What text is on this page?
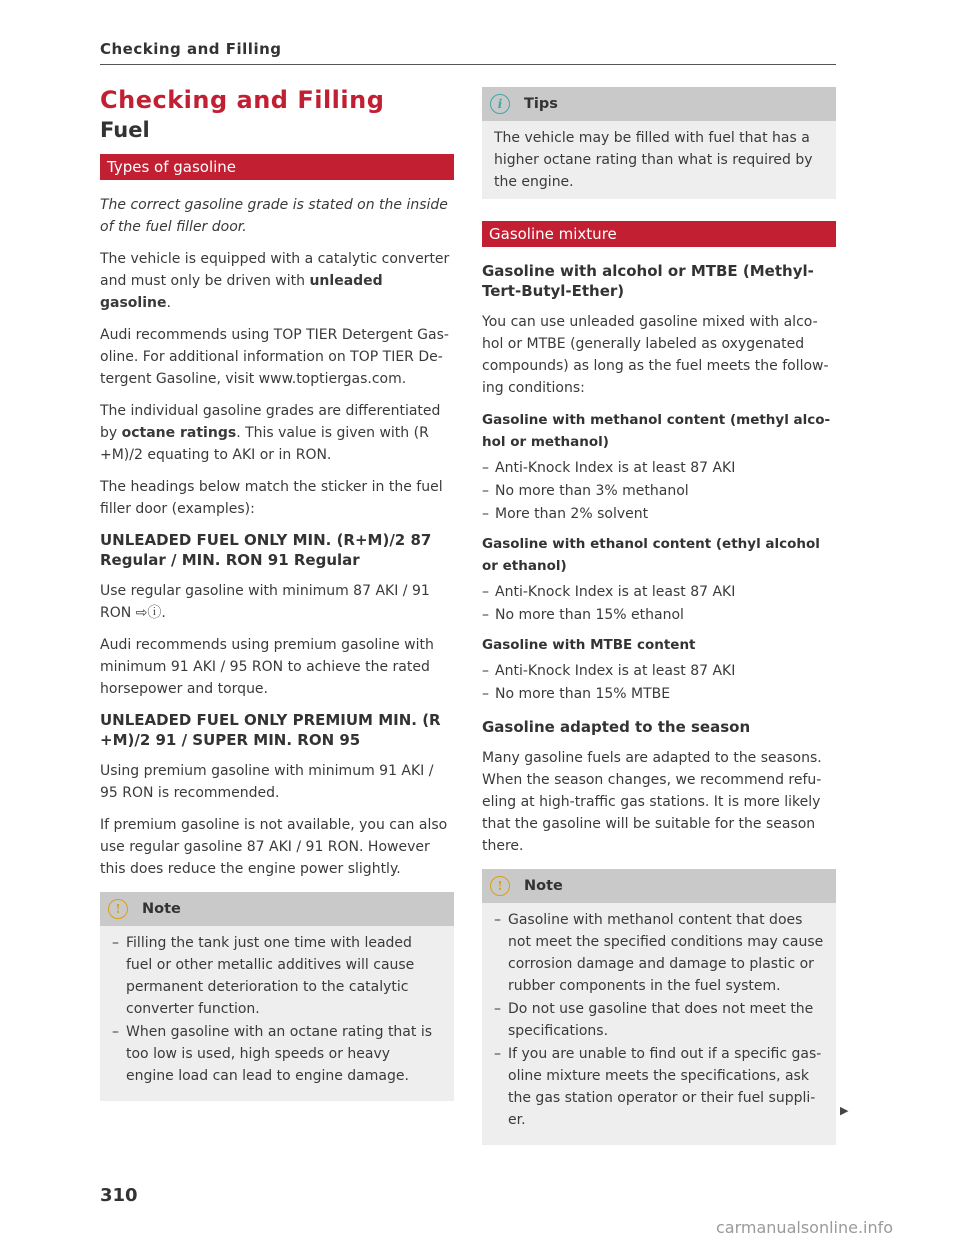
Checking and Filling
Checking and Filling
Fuel
Types of gasoline

The correct gasoline grade is stated on the inside of the fuel filler door.

The vehicle is equipped with a catalytic converter and must only be driven with unleaded gasoline.

Audi recommends using TOP TIER Detergent Gas-oline. For additional information on TOP TIER De-tergent Gasoline, visit www.toptiergas.com.

The individual gasoline grades are differentiated by octane ratings. This value is given with (R +M)/2 equating to AKI or in RON.

The headings below match the sticker in the fuel filler door (examples):

UNLEADED FUEL ONLY MIN. (R+M)/2 87 Regular / MIN. RON 91 Regular

Use regular gasoline with minimum 87 AKI / 91 RON ⇨ⓘ.

Audi recommends using premium gasoline with minimum 91 AKI / 95 RON to achieve the rated horsepower and torque.

UNLEADED FUEL ONLY PREMIUM MIN. (R +M)/2 91 / SUPER MIN. RON 95

Using premium gasoline with minimum 91 AKI / 95 RON is recommended.

If premium gasoline is not available, you can also use regular gasoline 87 AKI / 91 RON. However this does reduce the engine power slightly.

!	Note
– Filling the tank just one time with leaded fuel or other metallic additives will cause permanent deterioration to the catalytic converter function.
– When gasoline with an octane rating that is too low is used, high speeds or heavy engine load can lead to engine damage.
i	Tips

The vehicle may be filled with fuel that has a higher octane rating than what is required by the engine.

Gasoline mixture
Gasoline with alcohol or MTBE (Methyl-Tert-Butyl-Ether)

You can use unleaded gasoline mixed with alco-hol or MTBE (generally labeled as oxygenated compounds) as long as the fuel meets the follow-ing conditions:

Gasoline with methanol content (methyl alco-hol or methanol)
– Anti-Knock Index is at least 87 AKI
– No more than 3% methanol
– More than 2% solvent
Gasoline with ethanol content (ethyl alcohol or ethanol)
– Anti-Knock Index is at least 87 AKI
– No more than 15% ethanol
Gasoline with MTBE content
– Anti-Knock Index is at least 87 AKI
– No more than 15% MTBE
Gasoline adapted to the season

Many gasoline fuels are adapted to the seasons. When the season changes, we recommend refu-eling at high-traffic gas stations. It is more likely that the gasoline will be suitable for the season there.

!	Note
– Gasoline with methanol content that does not meet the specified conditions may cause corrosion damage and damage to plastic or rubber components in the fuel system.
– Do not use gasoline that does not meet the specifications.
– If you are unable to find out if a specific gas-oline mixture meets the specifications, ask the gas station operator or their fuel suppli-er.
▶
310
carmanualsonline.info
